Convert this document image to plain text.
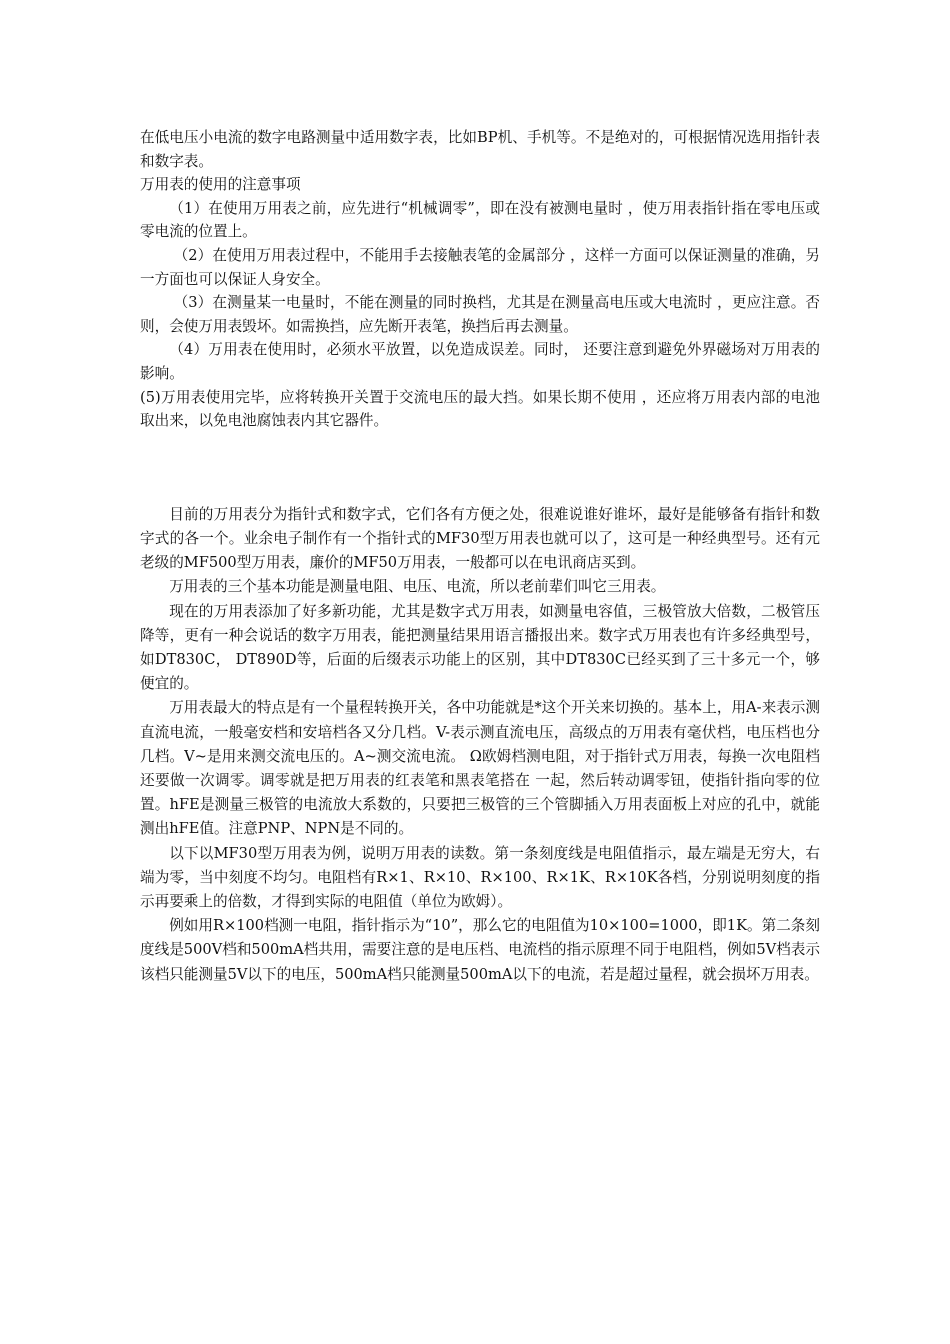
在低电压小电流的数字电路测量中适用数字表，比如BP机、手机等。不是绝对的，可根据情况选用指针表和数字表。

万用表的使用的注意事项

（1）在使用万用表之前，应先进行“机械调零”，即在没有被测电量时 ，使万用表指针指在零电压或零电流的位置上。

（2）在使用万用表过程中，不能用手去接触表笔的金属部分 ，这样一方面可以保证测量的准确，另一方面也可以保证人身安全。

（3）在测量某一电量时，不能在测量的同时换档，尤其是在测量高电压或大电流时 ，更应注意。否则，会使万用表毁坏。如需换挡，应先断开表笔，换挡后再去测量。

（4）万用表在使用时，必须水平放置，以免造成误差。同时， 还要注意到避免外界磁场对万用表的影响。

(5)万用表使用完毕，应将转换开关置于交流电压的最大挡。如果长期不使用 ，还应将万用表内部的电池取出来，以免电池腐蚀表内其它器件。

目前的万用表分为指针式和数字式，它们各有方便之处，很难说谁好谁坏，最好是能够备有指针和数字式的各一个。业余电子制作有一个指针式的MF30型万用表也就可以了，这可是一种经典型号。还有元老级的MF500型万用表，廉价的MF50万用表，一般都可以在电讯商店买到。

万用表的三个基本功能是测量电阻、电压、电流，所以老前辈们叫它三用表。

现在的万用表添加了好多新功能，尤其是数字式万用表，如测量电容值，三极管放大倍数，二极管压降等，更有一种会说话的数字万用表，能把测量结果用语言播报出来。数字式万用表也有许多经典型号，如DT830C， DT890D等，后面的后缀表示功能上的区别，其中DT830C已经买到了三十多元一个，够便宜的。

万用表最大的特点是有一个量程转换开关，各中功能就是*这个开关来切换的。基本上，用A-来表示测直流电流，一般毫安档和安培档各又分几档。V-表示测直流电压，高级点的万用表有毫伏档，电压档也分几档。V~是用来测交流电压的。A~测交流电流。 Ω欧姆档测电阻，对于指针式万用表，每换一次电阻档还要做一次调零。调零就是把万用表的红表笔和黑表笔搭在 一起，然后转动调零钮，使指针指向零的位置。hFE是测量三极管的电流放大系数的，只要把三极管的三个管脚插入万用表面板上对应的孔中，就能测出hFE值。注意PNP、NPN是不同的。

以下以MF30型万用表为例，说明万用表的读数。第一条刻度线是电阻值指示，最左端是无穷大，右端为零，当中刻度不均匀。电阻档有R×1、R×10、R×100、R×1K、R×10K各档，分别说明刻度的指示再要乘上的倍数，才得到实际的电阻值（单位为欧姆）。

例如用R×100档测一电阻，指针指示为“10”，那么它的电阻值为10×100=1000，即1K。第二条刻度线是500V档和500mA档共用，需要注意的是电压档、电流档的指示原理不同于电阻档，例如5V档表示该档只能测量5V以下的电压，500mA档只能测量500mA以下的电流，若是超过量程，就会损坏万用表。
